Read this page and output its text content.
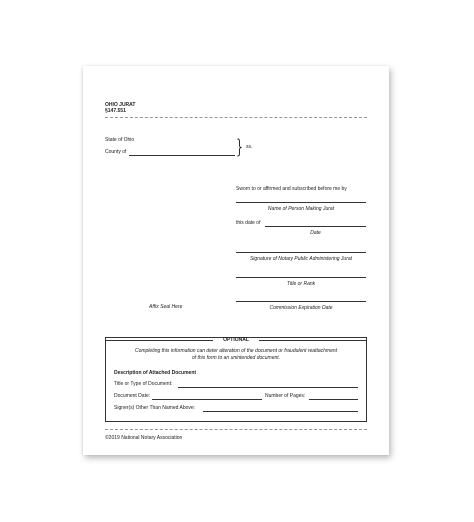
OHIO JURAT
§147.551
State of Ohio
County of	} ss.
Sworn to or affirmed and subscribed before me by
Name of Person Making Jurat
this date of
Date
Signature of Notary Public Administering Jurat
Title or Rank
Affix Seal Here	Commission Expiration Date
OPTIONAL
Completing this information can deter alteration of the document or fraudulent reattachment
of this form to an unintended document.
Description of Attached Document
Title or Type of Document:
Document Date:	Number of Pages:
Signer(s) Other Than Named Above:
©2019 National Notary Association
